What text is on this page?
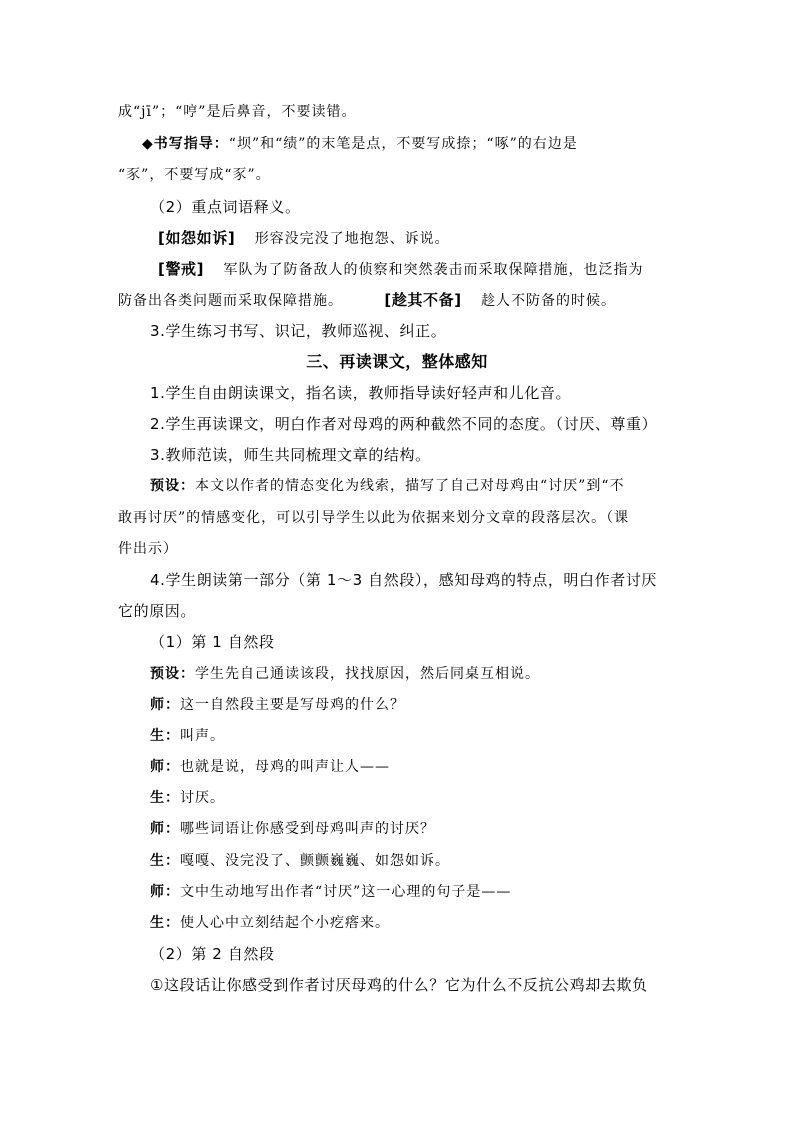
成“jī”；“哼”是后鼻音，不要读错。
◆书写指导：“坝”和“绩”的末笔是点，不要写成捺；“啄”的右边是
“豕”，不要写成“豕”。
（2）重点词语释义。
[如怨如诉] 形容没完没了地抱怨、诉说。
[警戒] 军队为了防备敌人的侦察和突然袭击而采取保障措施，也泛指为
防备出各类问题而采取保障措施。	[趁其不备] 趁人不防备的时候。
3.学生练习书写、识记，教师巡视、纠正。
三、再读课文，整体感知
1.学生自由朗读课文，指名读，教师指导读好轻声和儿化音。
2.学生再读课文，明白作者对母鸡的两种截然不同的态度。（讨厌、尊重）
3.教师范读，师生共同梳理文章的结构。
预设：本文以作者的情态变化为线索，描写了自己对母鸡由“讨厌”到“不
敢再讨厌”的情感变化，可以引导学生以此为依据来划分文章的段落层次。（课
件出示）
4.学生朗读第一部分（第 1～3 自然段），感知母鸡的特点，明白作者讨厌
它的原因。
（1）第 1 自然段
预设：学生先自己通读该段，找找原因，然后同桌互相说。
师：这一自然段主要是写母鸡的什么？
生：叫声。
师：也就是说，母鸡的叫声让人——
生：讨厌。
师：哪些词语让你感受到母鸡叫声的讨厌？
生：嘎嘎、没完没了、颤颤巍巍、如怨如诉。
师：文中生动地写出作者“讨厌”这一心理的句子是——
生：使人心中立刻结起个小疙瘩来。
（2）第 2 自然段
①这段话让你感受到作者讨厌母鸡的什么？它为什么不反抗公鸡却去欺负
